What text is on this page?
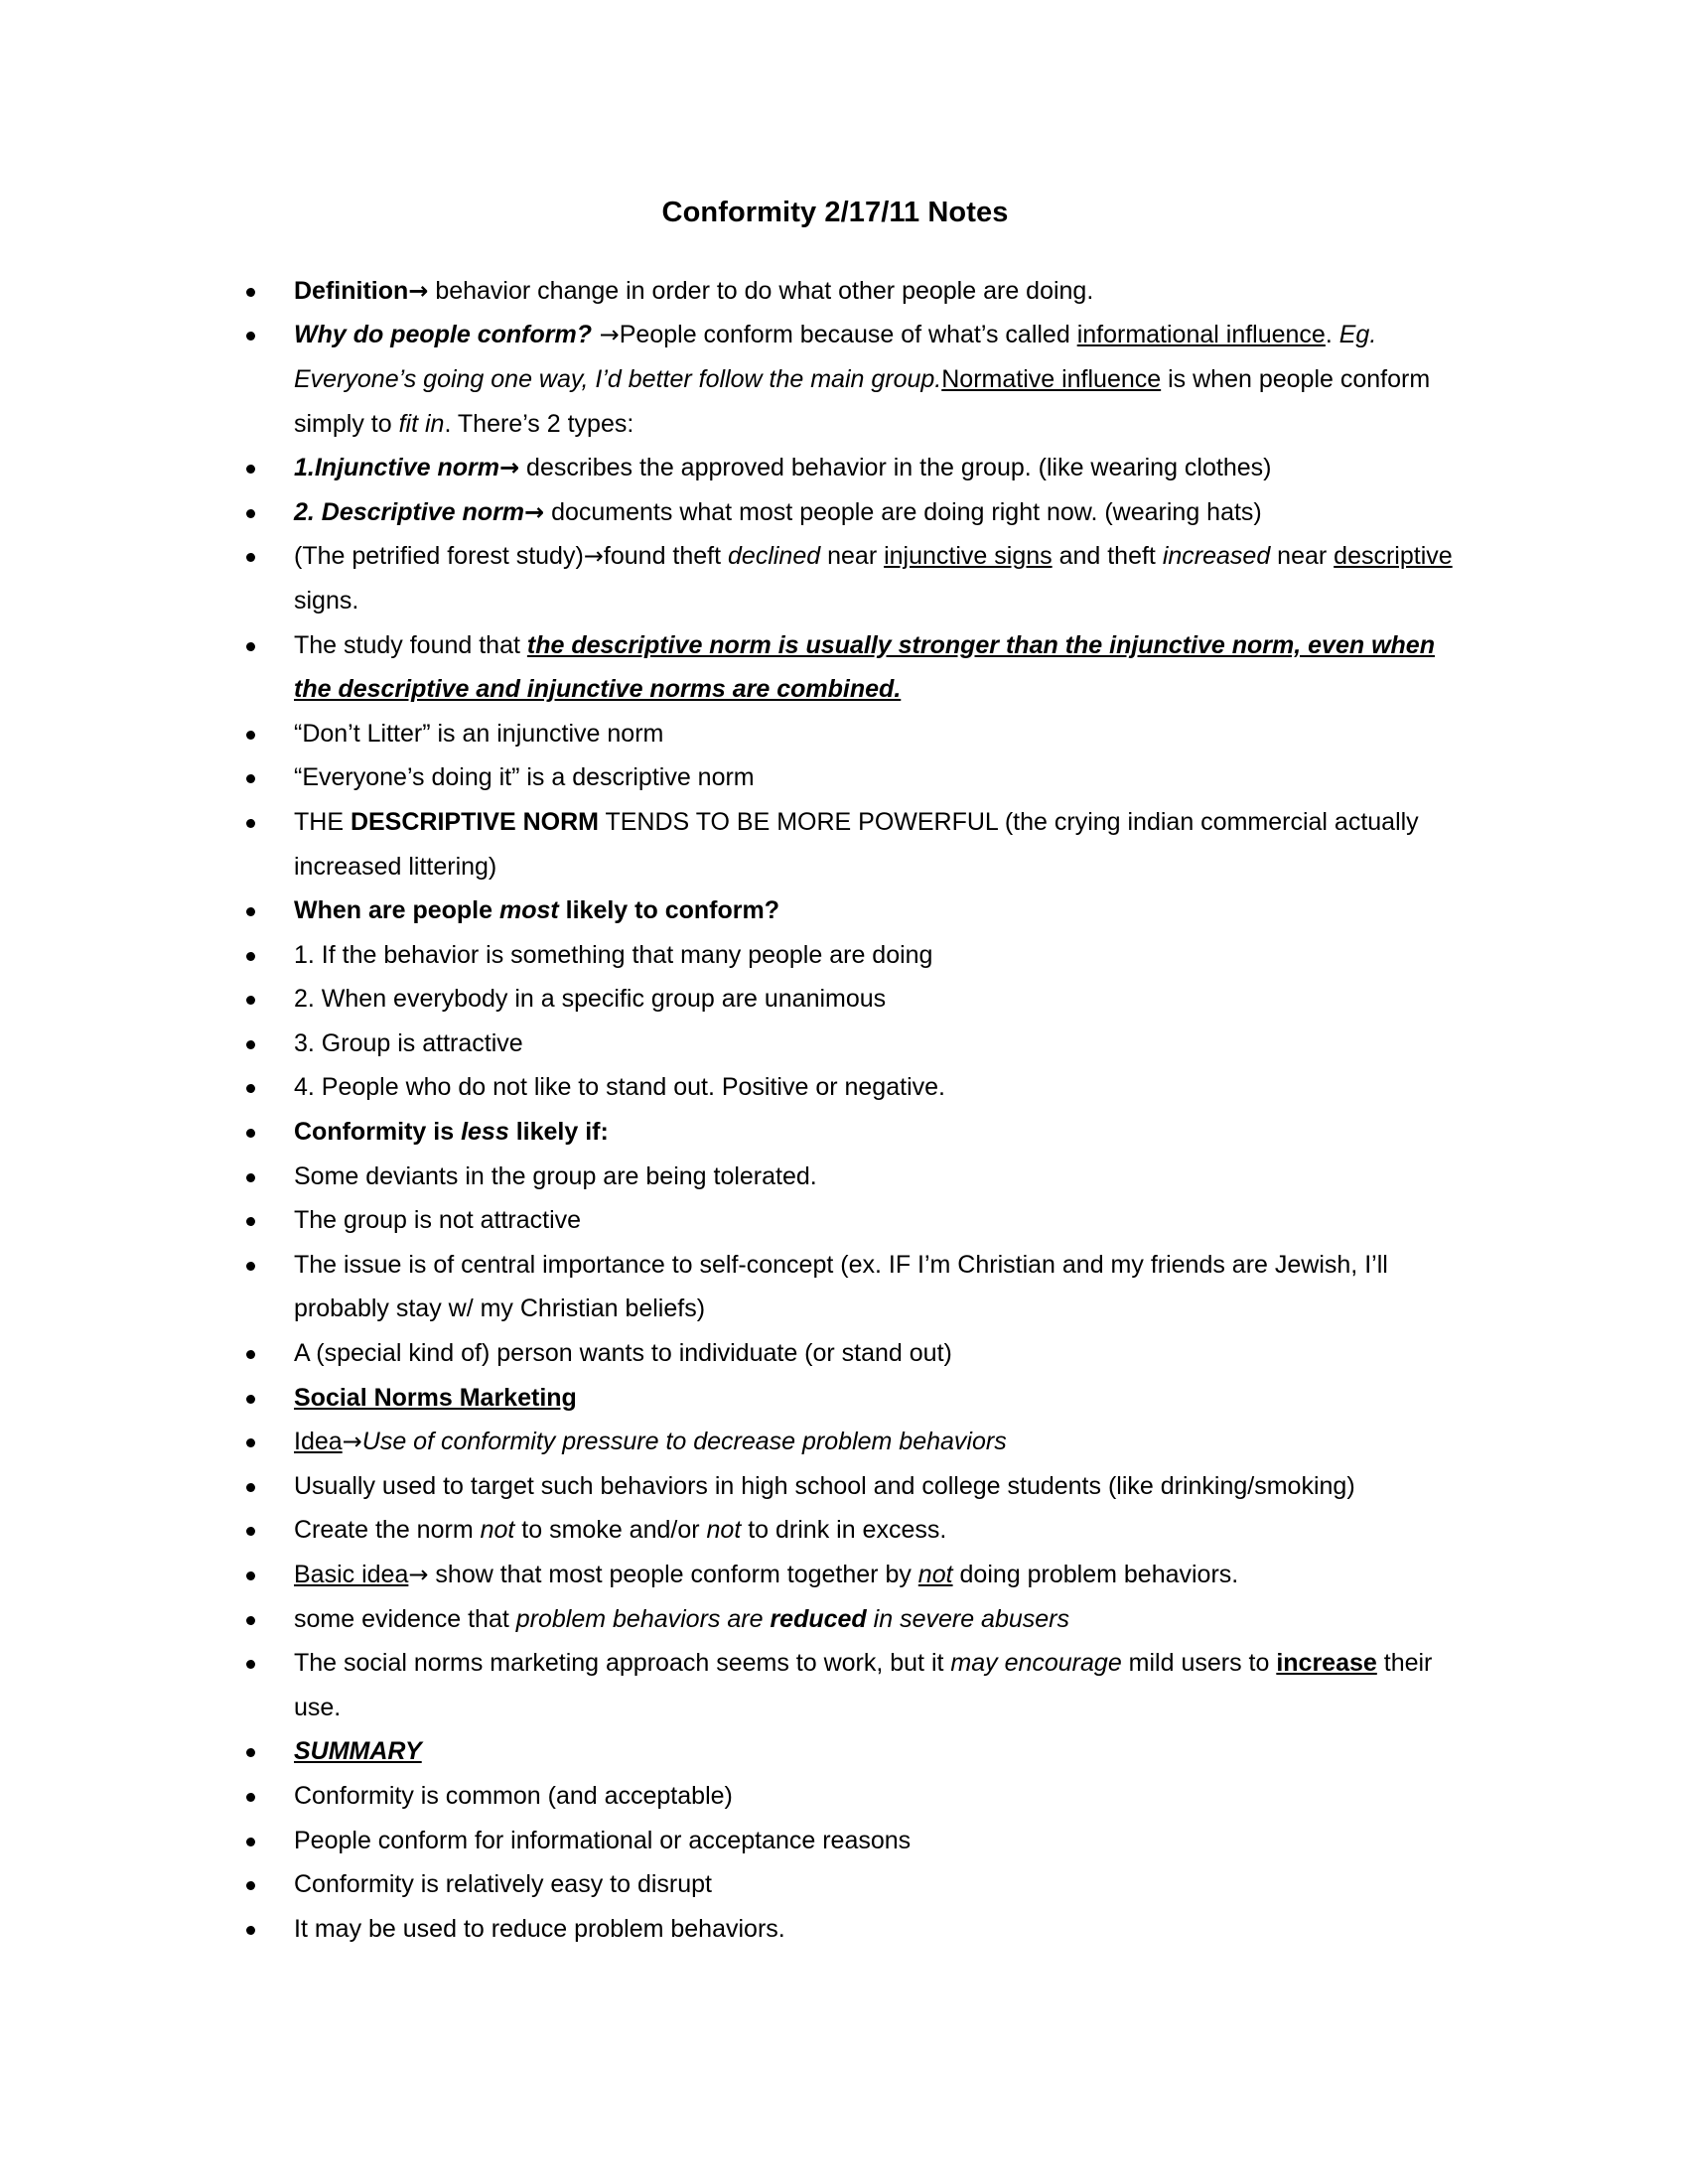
Conformity 2/17/11 Notes
Definition→ behavior change in order to do what other people are doing.
Why do people conform? →People conform because of what’s called informational influence. Eg. Everyone’s going one way, I’d better follow the main group.Normative influence is when people conform simply to fit in. There’s 2 types:
1.Injunctive norm→ describes the approved behavior in the group. (like wearing clothes)
2. Descriptive norm→ documents what most people are doing right now. (wearing hats)
(The petrified forest study)→found theft declined near injunctive signs and theft increased near descriptive signs.
The study found that the descriptive norm is usually stronger than the injunctive norm, even when the descriptive and injunctive norms are combined.
“Don’t Litter” is an injunctive norm
“Everyone’s doing it” is a descriptive norm
THE DESCRIPTIVE NORM TENDS TO BE MORE POWERFUL (the crying indian commercial actually increased littering)
When are people most likely to conform?
1. If the behavior is something that many people are doing
2. When everybody in a specific group are unanimous
3. Group is attractive
4. People who do not like to stand out. Positive or negative.
Conformity is less likely if:
Some deviants in the group are being tolerated.
The group is not attractive
The issue is of central importance to self-concept (ex. IF I’m Christian and my friends are Jewish, I’ll probably stay w/ my Christian beliefs)
A (special kind of) person wants to individuate (or stand out)
Social Norms Marketing
Idea→Use of conformity pressure to decrease problem behaviors
Usually used to target such behaviors in high school and college students (like drinking/smoking)
Create the norm not to smoke and/or not to drink in excess.
Basic idea→ show that most people conform together by not doing problem behaviors.
some evidence that problem behaviors are reduced in severe abusers
The social norms marketing approach seems to work, but it may encourage mild users to increase their use.
SUMMARY
Conformity is common (and acceptable)
People conform for informational or acceptance reasons
Conformity is relatively easy to disrupt
It may be used to reduce problem behaviors.
